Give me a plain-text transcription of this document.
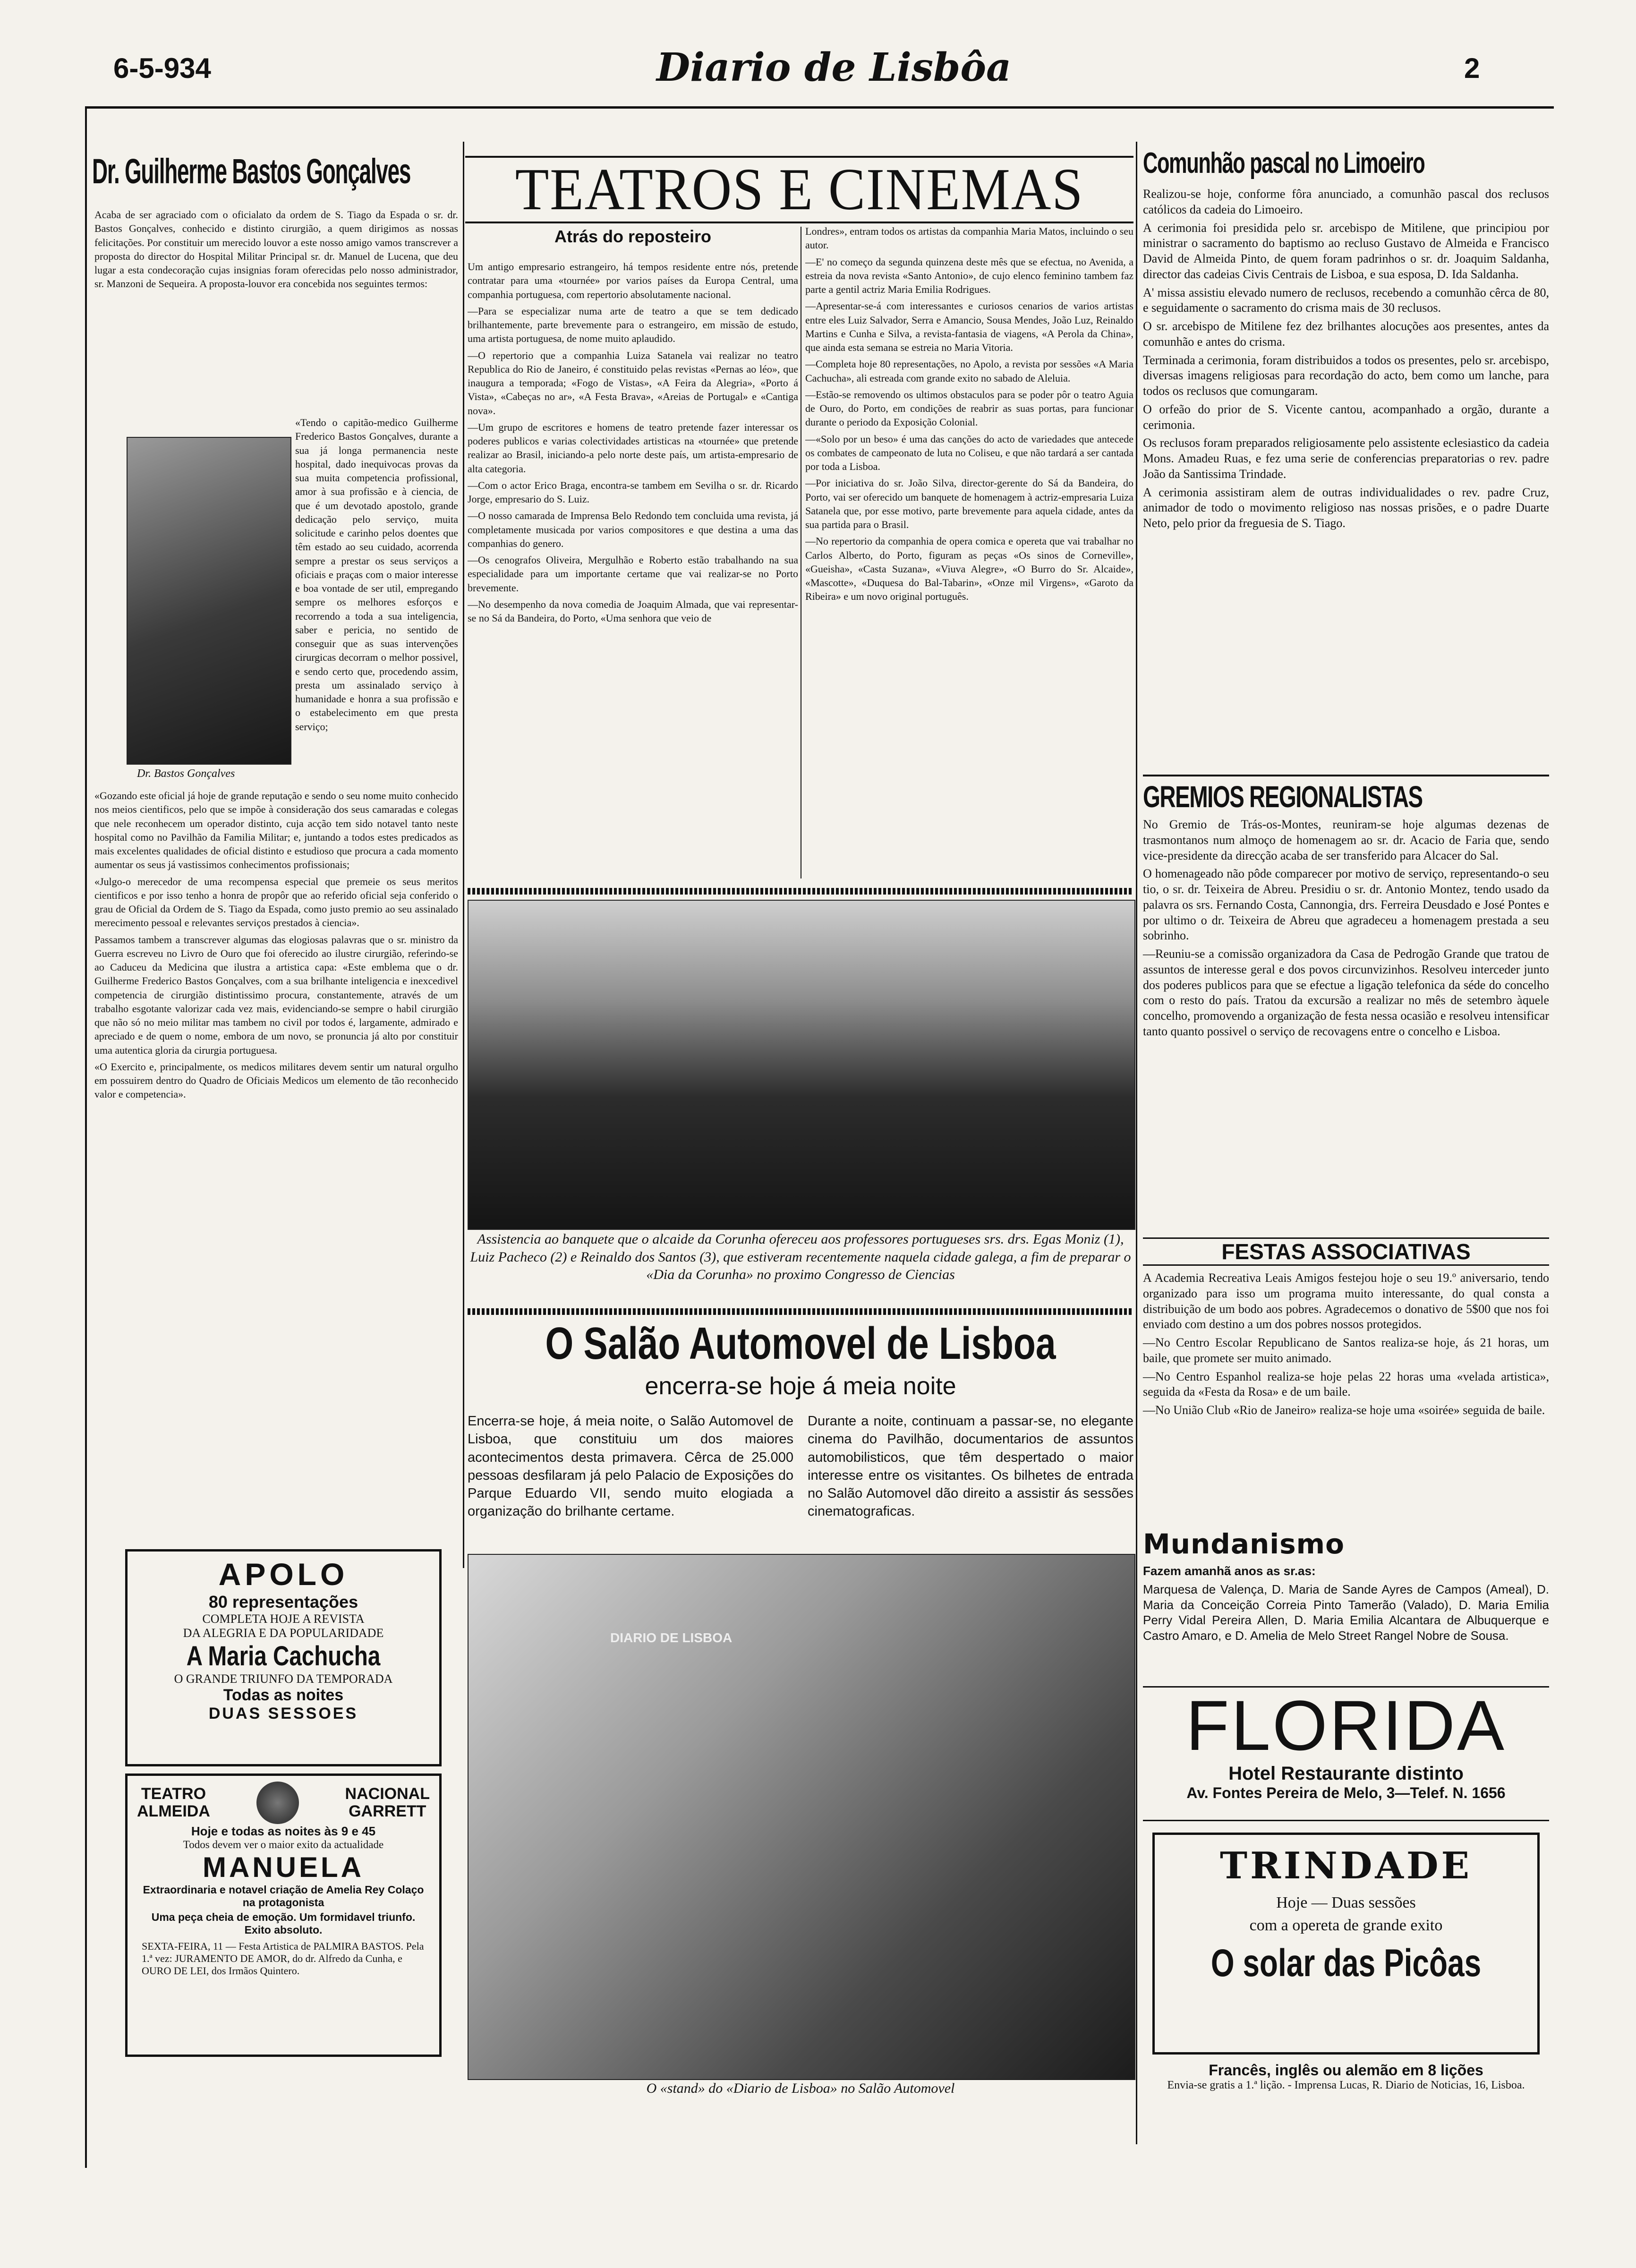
6-5-934	Diario de Lisbôa	2
Dr. Guilherme Bastos Gonçalves

Acaba de ser agraciado com o oficialato da ordem de S. Tiago da Espada o sr. dr. Bastos Gonçalves, conhecido e distinto cirurgião, a quem dirigimos as nossas felicitações. Por constituir um merecido louvor a este nosso amigo vamos transcrever a proposta do director do Hospital Militar Principal sr. dr. Manuel de Lucena, que deu lugar a esta condecoração cujas insignias foram oferecidas pelo nosso administrador, sr. Manzoni de Sequeira. A proposta-louvor era concebida nos seguintes termos:

Dr. Bastos Gonçalves

«Tendo o capitão-medico Guilherme Frederico Bastos Gonçalves, durante a sua já longa permanencia neste hospital, dado inequivocas provas da sua muita competencia profissional, amor à sua profissão e à ciencia, de que é um devotado apostolo, grande dedicação pelo serviço, muita solicitude e carinho pelos doentes que têm estado ao seu cuidado, acorrenda sempre a prestar os seus serviços a oficiais e praças com o maior interesse e boa vontade de ser util, empregando sempre os melhores esforços e recorrendo a toda a sua inteligencia, saber e pericia, no sentido de conseguir que as suas intervenções cirurgicas decorram o melhor possivel, e sendo certo que, procedendo assim, presta um assinalado serviço à humanidade e honra a sua profissão e o estabelecimento em que presta serviço;

«Gozando este oficial já hoje de grande reputação e sendo o seu nome muito conhecido nos meios cientificos, pelo que se impõe à consideração dos seus camaradas e colegas que nele reconhecem um operador distinto, cuja acção tem sido notavel tanto neste hospital como no Pavilhão da Familia Militar; e, juntando a todos estes predicados as mais excelentes qualidades de oficial distinto e estudioso que procura a cada momento aumentar os seus já vastissimos conhecimentos profissionais;

«Julgo-o merecedor de uma recompensa especial que premeie os seus meritos cientificos e por isso tenho a honra de propôr que ao referido oficial seja conferido o grau de Oficial da Ordem de S. Tiago da Espada, como justo premio ao seu assinalado merecimento pessoal e relevantes serviços prestados à ciencia».

Passamos tambem a transcrever algumas das elogiosas palavras que o sr. ministro da Guerra escreveu no Livro de Ouro que foi oferecido ao ilustre cirurgião, referindo-se ao Caduceu da Medicina que ilustra a artistica capa: «Este emblema que o dr. Guilherme Frederico Bastos Gonçalves, com a sua brilhante inteligencia e inexcedivel competencia de cirurgião distintissimo procura, constantemente, através de um trabalho esgotante valorizar cada vez mais, evidenciando-se sempre o habil cirurgião que não só no meio militar mas tambem no civil por todos é, largamente, admirado e apreciado e de quem o nome, embora de um novo, se pronuncia já alto por constituir uma autentica gloria da cirurgia portuguesa.

«O Exercito e, principalmente, os medicos militares devem sentir um natural orgulho em possuirem dentro do Quadro de Oficiais Medicos um elemento de tão reconhecido valor e competencia».

APOLO
80 representações
COMPLETA HOJE A REVISTA
DA ALEGRIA E DA POPULARIDADE
A Maria Cachucha
O GRANDE TRIUNFO DA TEMPORADA
Todas as noites
DUAS SESSOES
TEATRO
ALMEIDA
NACIONAL
GARRETT
Hoje e todas as noites às 9 e 45
Todos devem ver o maior exito da actualidade
MANUELA
Extraordinaria e notavel criação de Amelia Rey Colaço na protagonista
Uma peça cheia de emoção. Um formidavel triunfo. Exito absoluto.
SEXTA-FEIRA, 11 — Festa Artistica de PALMIRA BASTOS. Pela 1.ª vez: JURAMENTO DE AMOR, do dr. Alfredo da Cunha, e OURO DE LEI, dos Irmãos Quintero.
TEATROS E CINEMAS
Atrás do reposteiro

Um antigo empresario estrangeiro, há tempos residente entre nós, pretende contratar para uma «tournée» por varios países da Europa Central, uma companhia portuguesa, com repertorio absolutamente nacional.

—Para se especializar numa arte de teatro a que se tem dedicado brilhantemente, parte brevemente para o estrangeiro, em missão de estudo, uma artista portuguesa, de nome muito aplaudido.

—O repertorio que a companhia Luiza Satanela vai realizar no teatro Republica do Rio de Janeiro, é constituido pelas revistas «Pernas ao léo», que inaugura a temporada; «Fogo de Vistas», «A Feira da Alegria», «Porto á Vista», «Cabeças no ar», «A Festa Brava», «Areias de Portugal» e «Cantiga nova».

—Um grupo de escritores e homens de teatro pretende fazer interessar os poderes publicos e varias colectividades artisticas na «tournée» que pretende realizar ao Brasil, iniciando-a pelo norte deste país, um artista-empresario de alta categoria.

—Com o actor Erico Braga, encontra-se tambem em Sevilha o sr. dr. Ricardo Jorge, empresario do S. Luiz.

—O nosso camarada de Imprensa Belo Redondo tem concluida uma revista, já completamente musicada por varios compositores e que destina a uma das companhias do genero.

—Os cenografos Oliveira, Mergulhão e Roberto estão trabalhando na sua especialidade para um importante certame que vai realizar-se no Porto brevemente.

—No desempenho da nova comedia de Joaquim Almada, que vai representar-se no Sá da Bandeira, do Porto, «Uma senhora que veio de

Londres», entram todos os artistas da companhia Maria Matos, incluindo o seu autor.

—E' no começo da segunda quinzena deste mês que se efectua, no Avenida, a estreia da nova revista «Santo Antonio», de cujo elenco feminino tambem faz parte a gentil actriz Maria Emilia Rodrigues.

—Apresentar-se-á com interessantes e curiosos cenarios de varios artistas entre eles Luiz Salvador, Serra e Amancio, Sousa Mendes, João Luz, Reinaldo Martins e Cunha e Silva, a revista-fantasia de viagens, «A Perola da China», que ainda esta semana se estreia no Maria Vitoria.

—Completa hoje 80 representações, no Apolo, a revista por sessões «A Maria Cachucha», ali estreada com grande exito no sabado de Aleluia.

—Estão-se removendo os ultimos obstaculos para se poder pôr o teatro Aguia de Ouro, do Porto, em condições de reabrir as suas portas, para funcionar durante o periodo da Exposição Colonial.

—«Solo por un beso» é uma das canções do acto de variedades que antecede os combates de campeonato de luta no Coliseu, e que não tardará a ser cantada por toda a Lisboa.

—Por iniciativa do sr. João Silva, director-gerente do Sá da Bandeira, do Porto, vai ser oferecido um banquete de homenagem à actriz-empresaria Luiza Satanela que, por esse motivo, parte brevemente para aquela cidade, antes da sua partida para o Brasil.

—No repertorio da companhia de opera comica e opereta que vai trabalhar no Carlos Alberto, do Porto, figuram as peças «Os sinos de Corneville», «Gueisha», «Casta Suzana», «Viuva Alegre», «O Burro do Sr. Alcaide», «Mascotte», «Duquesa do Bal-Tabarin», «Onze mil Virgens», «Garoto da Ribeira» e um novo original português.

Assistencia ao banquete que o alcaide da Corunha ofereceu aos professores portugueses srs. drs. Egas Moniz (1), Luiz Pacheco (2) e Reinaldo dos Santos (3), que estiveram recentemente naquela cidade galega, a fim de preparar o «Dia da Corunha» no proximo Congresso de Ciencias
O Salão Automovel de Lisboa
encerra-se hoje á meia noite

Encerra-se hoje, á meia noite, o Salão Automovel de Lisboa, que constituiu um dos maiores acontecimentos desta primavera. Cêrca de 25.000 pessoas desfilaram já pelo Palacio de Exposições do Parque Eduardo VII, sendo muito elogiada a organização do brilhante certame.

Durante a noite, continuam a passar-se, no elegante cinema do Pavilhão, documentarios de assuntos automobilisticos, que têm despertado o maior interesse entre os visitantes. Os bilhetes de entrada no Salão Automovel dão direito a assistir ás sessões cinematograficas.

DIARIO DE LISBOA
O «stand» do «Diario de Lisboa» no Salão Automovel
Comunhão pascal no Limoeiro

Realizou-se hoje, conforme fôra anunciado, a comunhão pascal dos reclusos católicos da cadeia do Limoeiro.

A cerimonia foi presidida pelo sr. arcebispo de Mitilene, que principiou por ministrar o sacramento do baptismo ao recluso Gustavo de Almeida e Francisco David de Almeida Pinto, de quem foram padrinhos o sr. dr. Joaquim Saldanha, director das cadeias Civis Centrais de Lisboa, e sua esposa, D. Ida Saldanha.

A' missa assistiu elevado numero de reclusos, recebendo a comunhão cêrca de 80, e seguidamente o sacramento do crisma mais de 30 reclusos.

O sr. arcebispo de Mitilene fez dez brilhantes alocuções aos presentes, antes da comunhão e antes do crisma.

Terminada a cerimonia, foram distribuidos a todos os presentes, pelo sr. arcebispo, diversas imagens religiosas para recordação do acto, bem como um lanche, para todos os reclusos que comungaram.

O orfeão do prior de S. Vicente cantou, acompanhado a orgão, durante a cerimonia.

Os reclusos foram preparados religiosamente pelo assistente eclesiastico da cadeia Mons. Amadeu Ruas, e fez uma serie de conferencias preparatorias o rev. padre João da Santissima Trindade.

A cerimonia assistiram alem de outras individualidades o rev. padre Cruz, animador de todo o movimento religioso nas nossas prisões, e o padre Duarte Neto, pelo prior da freguesia de S. Tiago.

GREMIOS REGIONALISTAS

No Gremio de Trás-os-Montes, reuniram-se hoje algumas dezenas de trasmontanos num almoço de homenagem ao sr. dr. Acacio de Faria que, sendo vice-presidente da direcção acaba de ser transferido para Alcacer do Sal.

O homenageado não pôde comparecer por motivo de serviço, representando-o seu tio, o sr. dr. Teixeira de Abreu. Presidiu o sr. dr. Antonio Montez, tendo usado da palavra os srs. Fernando Costa, Cannongia, drs. Ferreira Deusdado e José Pontes e por ultimo o dr. Teixeira de Abreu que agradeceu a homenagem prestada a seu sobrinho.

—Reuniu-se a comissão organizadora da Casa de Pedrogão Grande que tratou de assuntos de interesse geral e dos povos circunvizinhos. Resolveu interceder junto dos poderes publicos para que se efectue a ligação telefonica da séde do concelho com o resto do país. Tratou da excursão a realizar no mês de setembro àquele concelho, promovendo a organização de festa nessa ocasião e resolveu intensificar tanto quanto possivel o serviço de recovagens entre o concelho e Lisboa.

FESTAS ASSOCIATIVAS

A Academia Recreativa Leais Amigos festejou hoje o seu 19.º aniversario, tendo organizado para isso um programa muito interessante, do qual consta a distribuição de um bodo aos pobres. Agradecemos o donativo de 5$00 que nos foi enviado com destino a um dos pobres nossos protegidos.

—No Centro Escolar Republicano de Santos realiza-se hoje, ás 21 horas, um baile, que promete ser muito animado.

—No Centro Espanhol realiza-se hoje pelas 22 horas uma «velada artistica», seguida da «Festa da Rosa» e de um baile.

—No União Club «Rio de Janeiro» realiza-se hoje uma «soirée» seguida de baile.

Mundanismo

Fazem amanhã anos as sr.as:

Marquesa de Valença, D. Maria de Sande Ayres de Campos (Ameal), D. Maria da Conceição Correia Pinto Tamerão (Valado), D. Maria Emilia Perry Vidal Pereira Allen, D. Maria Emilia Alcantara de Albuquerque e Castro Amaro, e D. Amelia de Melo Street Rangel Nobre de Sousa.

FLORIDA
Hotel Restaurante distinto
Av. Fontes Pereira de Melo, 3—Telef. N. 1656
TRINDADE
Hoje — Duas sessões
com a opereta de grande exito
O solar das Picôas
Francês, inglês ou alemão em 8 lições
Envia-se gratis a 1.ª lição. - Imprensa Lucas, R. Diario de Noticias, 16, Lisboa.
